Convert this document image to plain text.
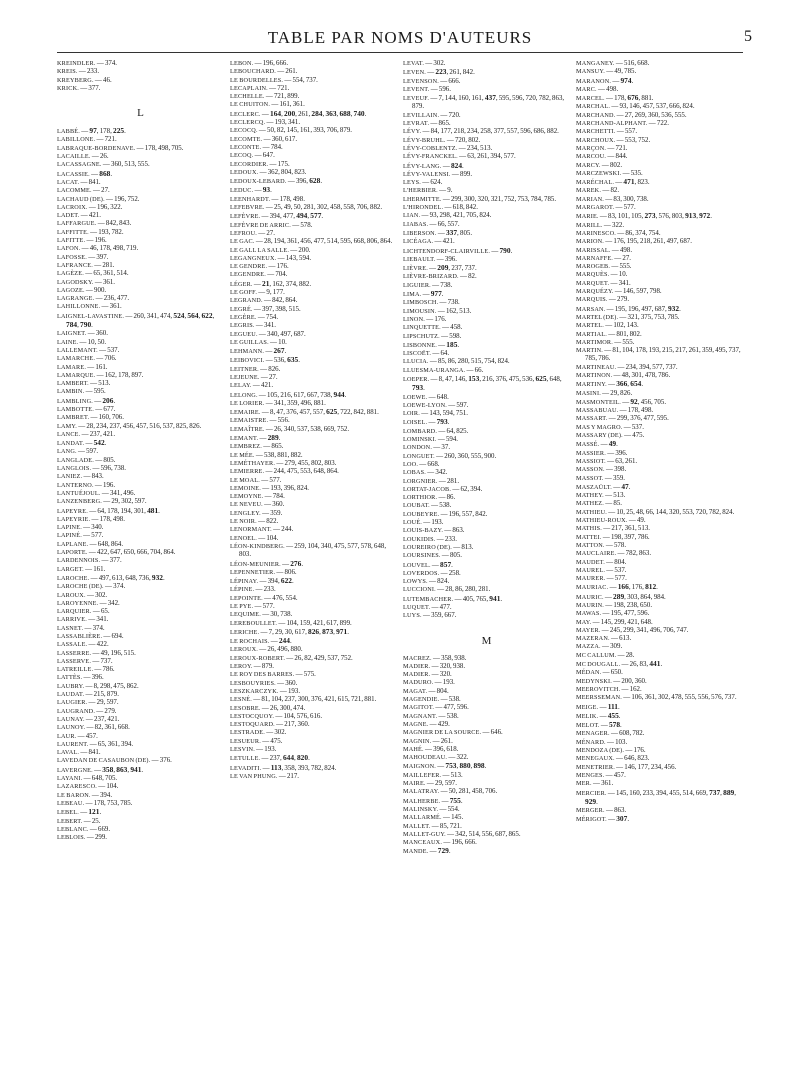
TABLE PAR NOMS D'AUTEURS	5
KREINDLER. — 374.
KREIS. — 233.
KREYBERG. — 46.
KRICK. — 377.
L
LABBÉ. — 97, 178, 225.
LABILLONE. — 721.
LABRAQUE-BORDENAVE. — 178, 498, 705.
LACAILLE. — 26.
LACASSAGNE. — 360, 513, 555.
LACASSIE. — 868.
LACAT. — 841.
LACOMME. — 27.
LACHAUD (DE). — 196, 752.
LACROIX. — 196, 322.
LADET. — 421.
LAFFARGUE. — 842, 843.
LAFFITTE. — 193, 782.
LAFITTE. — 196.
LAFON. — 46, 178, 498, 719.
LAFOSSE. — 397.
LAFRANCE. — 281.
LAGÈZE. — 65, 361, 514.
LAGODSKY. — 361.
LAGOZE. — 900.
LAGRANGE. — 236, 477.
LAHILLONNE. — 361.
LAIGNEL-LAVASTINE. — 260, 341, 474, 524, 564, 622, 784, 790.
LAIGNET. — 360.
LAINE. — 10, 50.
LALLEMANT. — 537.
LAMARCHE. — 706.
LAMARE. — 161.
LAMARQUE. — 162, 178, 897.
LAMBERT. — 513.
LAMBIN. — 595.
LAMBLING. — 206.
LAMBOTTE. — 677.
LAMBRET. — 160, 706.
LAMY. — 28, 234, 237, 456, 457, 516, 537, 825, 826.
LANCE. — 237, 421.
LANDAT. — 542.
LANG. — 597.
LANGLADE. — 805.
LANGLOIS. — 596, 738.
LANIEZ. — 843.
LANTERNO. — 196.
LANTUÉJOUL. — 341, 496.
LANZENBERG. — 29, 302, 597.
LAPEYRE. — 64, 178, 194, 301, 481.
LAPEYRIE. — 178, 498.
LAPINE. — 340.
LAPINÉ. — 577.
LAPLANE. — 648, 864.
LAPORTE. — 422, 647, 650, 666, 704, 864.
LARDENNOIS. — 377.
LARGET. — 161.
LAROCHE. — 497, 613, 648, 736, 932.
LAROCHE (DE). — 374.
LAROUX. — 302.
LAROYENNE. — 342.
LARQUIER. — 65.
LARRIVE. — 341.
LASNET. — 374.
LASSABLIÈRE. — 694.
LASSALE. — 422.
LASSERRE. — 49, 196, 515.
LASSERVE. — 737.
LATREILLE. — 786.
LATTÈS. — 396.
LAUBRY. — 8, 298, 475, 862.
LAUDAT. — 215, 879.
LAUGIER. — 29, 597.
LAUGRAND. — 279.
LAUNAY. — 237, 421.
LAUNOY. — 82, 361, 668.
LAUR. — 457.
LAURENT. — 65, 361, 394.
LAVAL. — 841.
LAVEDAN DE CASAUBON (DE). — 376.
LAVERGNE. — 358, 863, 941.
LAYANI. — 648, 705.
LAZARESCO. — 104.
LE BARON. — 394.
LEBEAU. — 178, 753, 785.
LEBEL. — 121.
LEBERT. — 25.
LEBLANC. — 669.
LEBLOIS. — 299.
LEBON. — 196, 666.
LEBOUCHARD. — 261.
LE BOURDELLES. — 554, 737.
LECAPLAIN. — 721.
LECHELLE. — 721, 899.
LE CHUITON. — 161, 361.
LECLERC. — 164, 200, 261, 284, 363, 688, 740.
LECLERCQ. — 193, 341.
LECOCQ. — 50, 82, 145, 161, 393, 706, 879.
LECOMTE. — 360, 617.
LECONTE. — 784.
LECOQ. — 647.
LECORDIER. — 175.
LEDOUX. — 362, 804, 823.
LEDOUX-LEBARD. — 396, 628.
LEDUC. — 93.
LEENHARDT. — 178, 498.
LEFEBVRE. — 25, 49, 50, 281, 302, 458, 558, 706, 882.
LEFÈVRE. — 394, 477, 494, 577.
LEFÈVRE DE ARRIC. — 578.
LEFROU. — 27.
LE GAC. — 28, 194, 361, 456, 477, 514, 595, 668, 806, 864.
LE GALL LA SALLE. — 200.
LEGANGNEUX. — 143, 594.
LE GENDRE. — 176.
LEGENDRE. — 704.
LÉGER. — 21, 162, 374, 882.
LE GOFF. — 9, 177.
LEGRAND. — 842, 864.
LEGRÉ. — 397, 398, 515.
LEGÈRE. — 754.
LEGRIS. — 341.
LEGUEU. — 340, 497, 687.
LE GUILLAS. — 10.
LEHMANN. — 267.
LEIBOVICI. — 536, 635.
LEITNER. — 826.
LEJEUNE. — 27.
LELAY. — 421.
LELONG. — 105, 216, 617, 667, 738, 944.
LE LORIER. — 341, 359, 496, 881.
LEMAIRE. — 8, 47, 376, 457, 557, 625, 722, 842, 881.
LEMAISTRE. — 556.
LEMAÎTRE. — 26, 340, 537, 538, 669, 752.
LEMANT. — 289.
LEMBREZ. — 865.
LE MÉE. — 538, 881, 882.
LEMÉTHAYER. — 279, 455, 802, 803.
LEMIERRE. — 244, 475, 553, 648, 864.
LE MOAL. — 577.
LEMOINE. — 193, 396, 824.
LEMOYNE. — 784.
LE NEVEU. — 360.
LENGLEY. — 359.
LE NOIR. — 822.
LENORMANT. — 244.
LENOEL. — 104.
LÉON-KINDBERG. — 259, 104, 340, 475, 577, 578, 648, 803.
LÉON-MEUNIER. — 276.
LEPENNETIER. — 806.
LÉPINAY. — 394, 622.
LÉPINE. — 233.
LEPOINTE. — 476, 554.
LE PYE. — 577.
LEQUIME. — 30, 738.
LEREBOULLET. — 104, 159, 421, 617, 899.
LERICHE. — 7, 29, 30, 617, 826, 873, 971.
LE ROCHAIS. — 244.
LEROUX. — 26, 496, 880.
LEROUX-ROBERT. — 26, 82, 429, 537, 752.
LEROY. — 879.
LE ROY DES BARRES. — 575.
LESBOUYRIES. — 360.
LESZKARCZYK. — 193.
LESNÉ. — 81, 104, 237, 300, 376, 421, 615, 721, 881.
LESOBRE. — 26, 300, 474.
LESTOCQUOY. — 104, 576, 616.
LESTOQUARD. — 217, 360.
LESTRADE. — 302.
LESUEUR. — 475.
LESVIN. — 193.
LETULLE. — 237, 644, 820.
LEVADITI. — 113, 358, 393, 782, 824.
LE VAN PHUNG. — 217.
LEVAT. — 302.
LEVEN. — 223, 261, 842.
LEVENSON. — 666.
LEVENT. — 596.
LEVEUF. — 7, 144, 160, 161, 437, 595, 596, 720, 782, 863, 879.
LEVILLAIN. — 720.
LEVRAT. — 865.
LÉVY. — 84, 177, 218, 234, 258, 377, 557, 596, 686, 882.
LÉVY-BRUHL. — 720, 802.
LÉVY-COBLENTZ. — 234, 513.
LÉVY-FRANCKEL. — 63, 261, 394, 577.
LÉVY-LANG. — 824.
LÉVY-VALENSI. — 899.
LEYS. — 624.
L'HERBIER. — 9.
LHERMITTE. — 299, 300, 320, 321, 752, 753, 784, 785.
L'HIRONDEL. — 618, 842.
LIAN. — 93, 298, 421, 705, 824.
LIABAS. — 66, 557.
LIBERSON. — 337, 805.
LICÉAGA. — 421.
LICHTENDORF-CLAIRVILLE. — 790.
LIEBAULT. — 396.
LIÈVRE. — 209, 237, 737.
LIÈVRE-BRIZARD. — 82.
LIGUIER. — 738.
LIMA. — 977.
LIMBOSCH. — 738.
LIMOUSIN. — 162, 513.
LINON. — 176.
LINQUETTE. — 458.
LIPSCHUTZ. — 598.
LISBONNE. — 185.
LISCOËT. — 64.
LLUCIA. — 85, 86, 280, 515, 754, 824.
LLUESMA-URANGA. — 66.
LOEPER. — 8, 47, 146, 153, 216, 376, 475, 536, 625, 648, 793.
LOEWE. — 648.
LOEWE-LYON. — 597.
LOIR. — 143, 594, 751.
LOISEL. — 793.
LOMBARD. — 64, 825.
LOMINSKI. — 594.
LONDON. — 37.
LONGUET. — 260, 360, 555, 900.
LOO. — 668.
LOBAS. — 342.
LORGNIER. — 281.
LORTAT-JACOB. — 62, 394.
LORTHIOR. — 86.
LOUBAT. — 538.
LOUBEYRE. — 196, 557, 842.
LOUÉ. — 193.
LOUIS-BAZY. — 863.
LOUKIDIS. — 233.
LOUREIRO (DE). — 813.
LOURSINES. — 805.
LOUVEL. — 857.
LOVERDOS. — 258.
LOWYS. — 824.
LUCCIONI. — 28, 86, 280, 281.
LUTEMBACHER. — 405, 765, 941.
LUQUET. — 477.
LUYS. — 359, 667.
M
MACREZ. — 358, 938.
MADIER. — 320, 938.
MADIER. — 320.
MADURO. — 193.
MAGAT. — 804.
MAGENDIE. — 538.
MAGITOT. — 477, 596.
MAGNANT. — 538.
MAGNE. — 429.
MAGNIER DE LA SOURCE. — 646.
MAGNIN. — 261.
MAHÉ. — 396, 618.
MAHOUDEAU. — 322.
MAIGNON. — 753, 880, 898.
MAILLEFER. — 513.
MAIRE. — 29, 597.
MALATRAY. — 50, 281, 458, 706.
MALHERBE. — 755.
MALINSKY. — 554.
MALLARMÉ. — 145.
MALLET. — 85, 721.
MALLET-GUY. — 342, 514, 556, 687, 865.
MANCEAUX. — 196, 666.
MANDE. — 729.
MANGANEY. — 516, 668.
MANSUY. — 49, 785.
MARANON. — 974.
MARC. — 498.
MARCEL. — 178, 676, 881.
MARCHAL. — 93, 146, 457, 537, 666, 824.
MARCHAND. — 27, 269, 360, 536, 555.
MARCHAND-ALPHANT. — 722.
MARCHETTI. — 557.
MARCHOUX. — 553, 752.
MARÇON. — 721.
MARCOU. — 844.
MARCY. — 802.
MARCZEWSKI. — 535.
MARÉCHAL. — 471, 823.
MAREK. — 82.
MARIAN. — 83, 300, 738.
MARGAROT. — 577.
MARIE. — 83, 101, 105, 273, 576, 803, 913, 972.
MARILL. — 322.
MARINESCO. — 86, 374, 754.
MARION. — 176, 195, 218, 261, 497, 687.
MARISSAL. — 498.
MARNAFFE. — 27.
MAROGEB. — 555.
MARQUÈS. — 10.
MARQUET. — 341.
MARQUÉZY. — 146, 597, 798.
MARQUIS. — 279.
MARSAN. — 195, 196, 497, 687, 932.
MARTEL (DE). — 321, 375, 753, 785.
MARTEL. — 102, 143.
MARTIAL. — 801, 802.
MARTIMOR. — 555.
MARTIN. — 81, 104, 178, 193, 215, 217, 261, 359, 495, 737, 785, 786.
MARTINEAU. — 234, 394, 577, 737.
MARTINON. — 48, 301, 478, 786.
MARTINY. — 366, 654.
MASINI. — 29, 826.
MASMONTEIL. — 92, 456, 705.
MASSABUAU. — 178, 498.
MASSART. — 299, 376, 477, 595.
MAS Y MAGRO. — 537.
MASSARY (DE). — 475.
MASSÉ. — 49.
MASSIER. — 396.
MASSIOT. — 63, 261.
MASSON. — 398.
MASSOT. — 359.
MASZAÜLT. — 47.
MATHEY. — 513.
MATHEZ. — 85.
MATHIEU. — 10, 25, 48, 66, 144, 320, 553, 720, 782, 824.
MATHIEU-ROUX. — 49.
MATHIS. — 217, 361, 513.
MATTEI. — 198, 397, 786.
MATTON. — 578.
MAUCLAIRE. — 782, 863.
MAUDET. — 804.
MAUREL. — 537.
MAURER. — 577.
MAURIAC. — 166, 176, 812.
MAURIC. — 289, 303, 864, 984.
MAURIN. — 198, 238, 650.
MAWAS. — 195, 477, 596.
MAY. — 145, 299, 421, 648.
MAYER. — 245, 299, 341, 496, 706, 747.
MAZERAN. — 613.
MAZZA. — 309.
MC CALLUM. — 28.
MC DOUGALL. — 26, 83, 441.
MÉDAN. — 650.
MEDYNSKI. — 200, 360.
MEEROVITCH. — 162.
MEERSSEMAN. — 106, 361, 302, 478, 555, 556, 576, 737.
MEIGE. — 111.
MELIK. — 455.
MELOT. — 578.
MENAGER. — 608, 782.
MÉNARD. — 103.
MENDOZA (DE). — 176.
MENEGAUX. — 646, 823.
MENETRIER. — 146, 177, 234, 456.
MENGES. — 457.
MER. — 361.
MERCIER. — 145, 160, 233, 394, 455, 514, 669, 737, 889, 929.
MERGER. — 863.
MÉRIGOT. — 307.
